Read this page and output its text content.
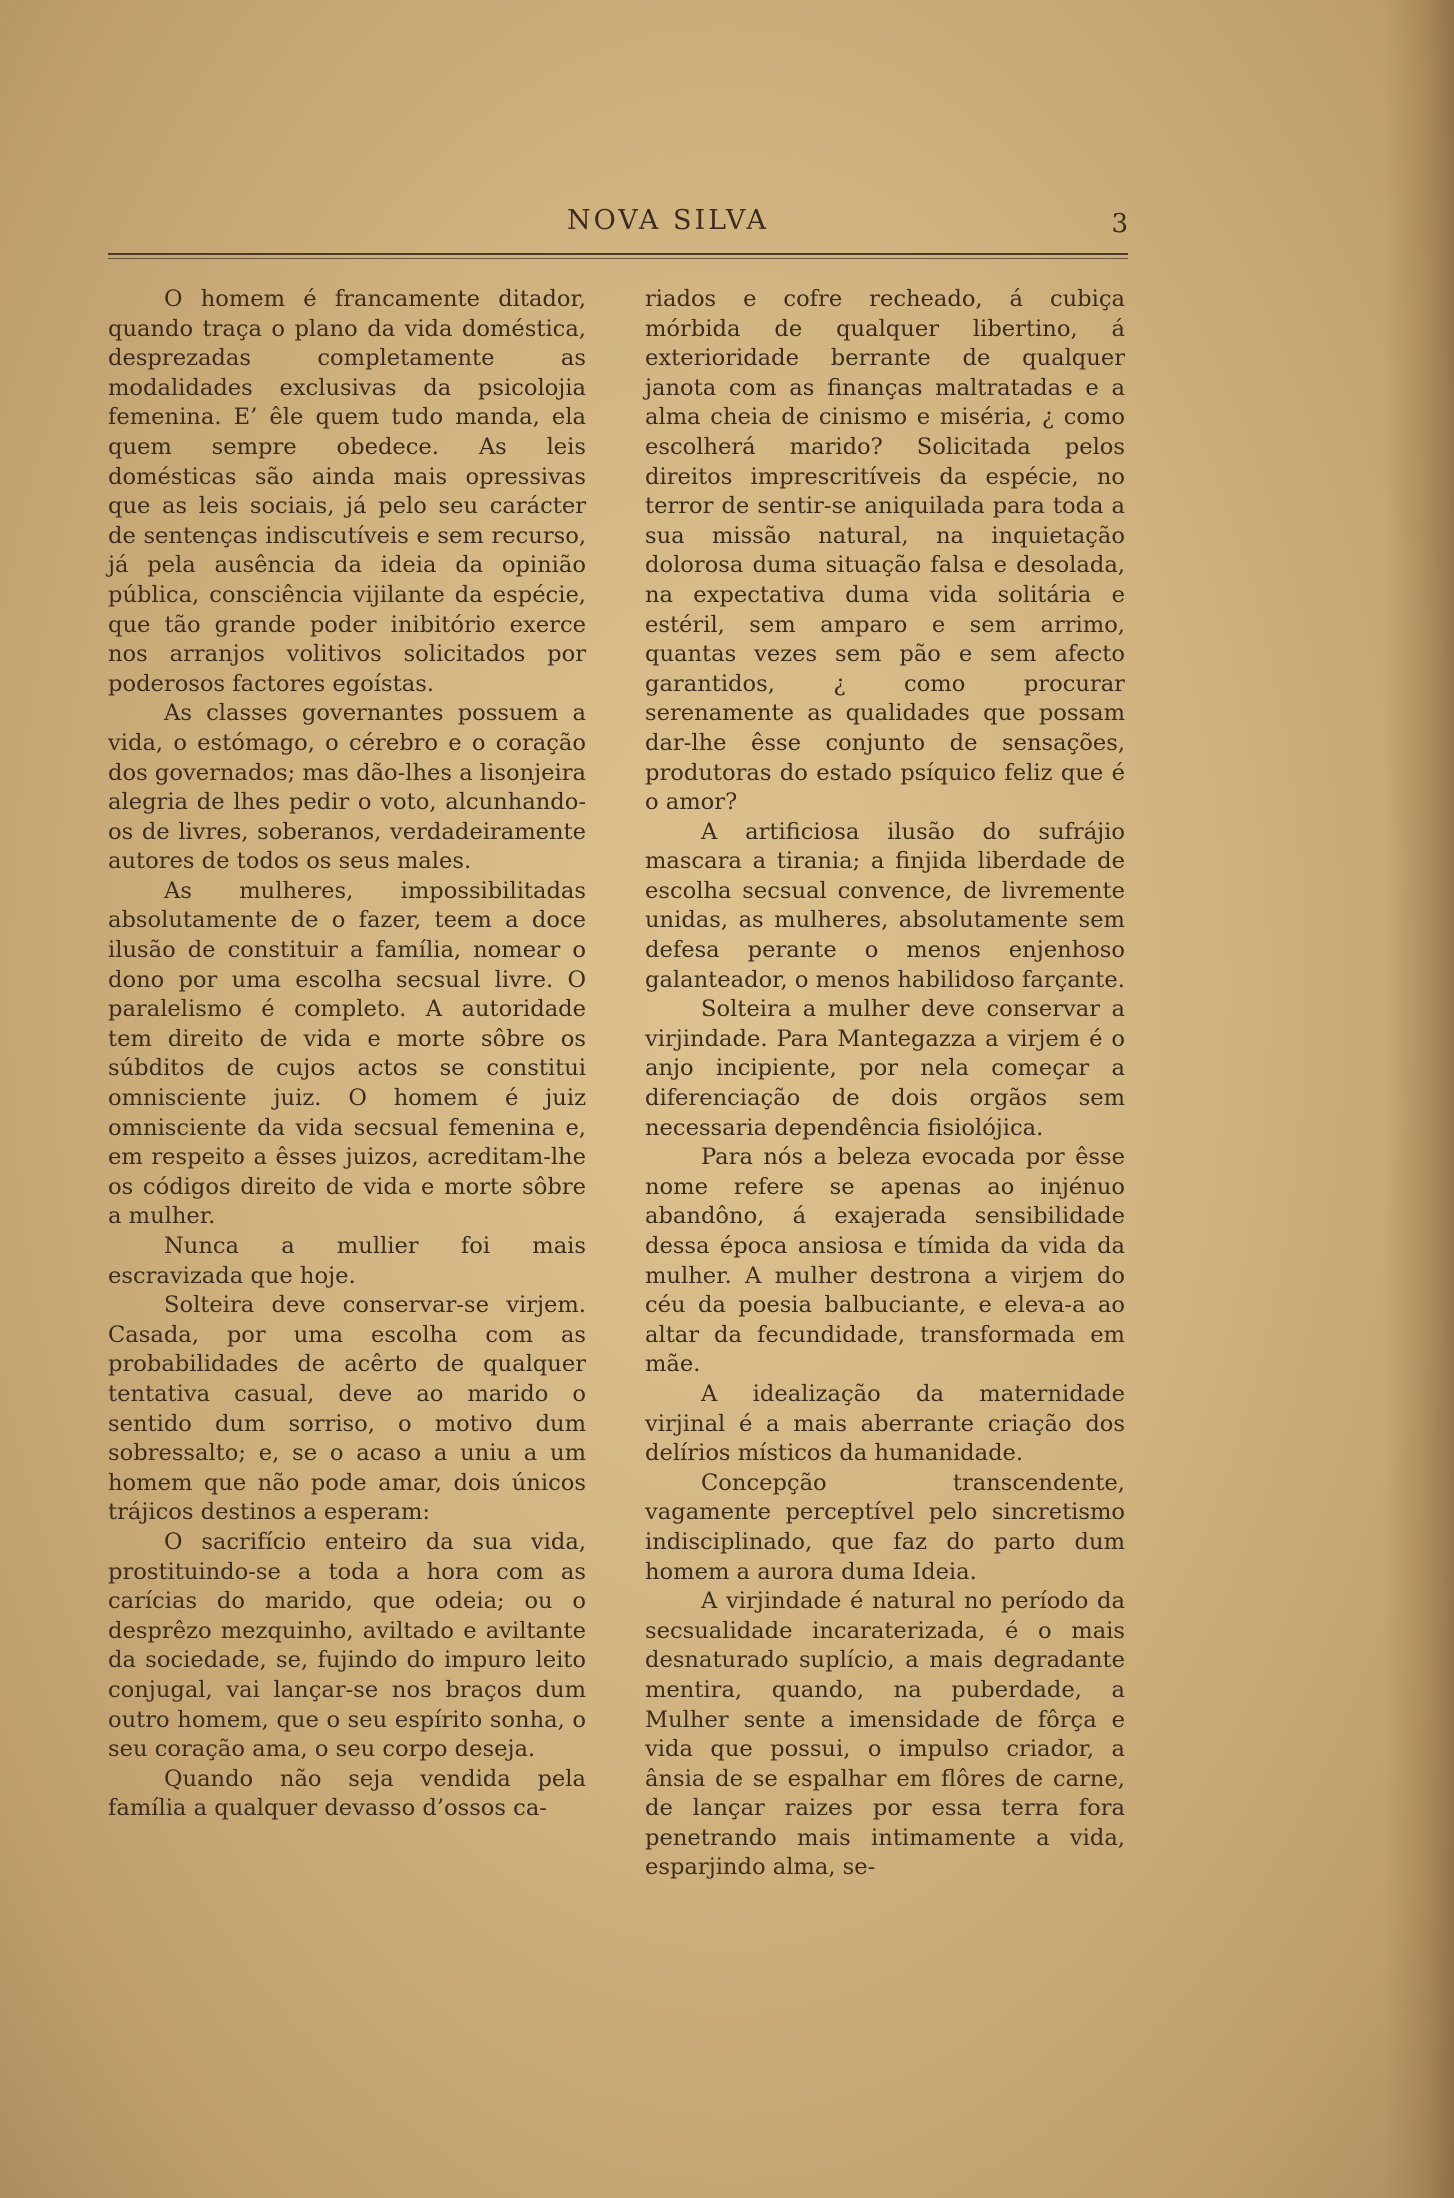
NOVA SILVA	3

O homem é francamente ditador, quando traça o plano da vida doméstica, desprezadas completamente as modalidades exclusivas da psicolojia femenina. E’ êle quem tudo manda, ela quem sempre obedece. As leis domésticas são ainda mais opressivas que as leis sociais, já pelo seu carácter de sentenças indiscutíveis e sem recurso, já pela ausência da ideia da opinião pública, consciência vijilante da espécie, que tão grande poder inibitório exerce nos arranjos volitivos solicitados por poderosos factores egoístas.

As classes governantes possuem a vida, o estómago, o cérebro e o coração dos governados; mas dão-lhes a lisonjeira alegria de lhes pedir o voto, alcunhando-os de livres, soberanos, verdadeiramente autores de todos os seus males.

As mulheres, impossibilitadas absolutamente de o fazer, teem a doce ilusão de constituir a família, nomear o dono por uma escolha secsual livre. O paralelismo é completo. A autoridade tem direito de vida e morte sôbre os súbditos de cujos actos se constitui omnisciente juiz. O homem é juiz omnisciente da vida secsual femenina e, em respeito a êsses juizos, acreditam-lhe os códigos direito de vida e morte sôbre a mulher.

Nunca a mullier foi mais escravizada que hoje.

Solteira deve conservar-se virjem. Casada, por uma escolha com as probabilidades de acêrto de qualquer tentativa casual, deve ao marido o sentido dum sorriso, o motivo dum sobressalto; e, se o acaso a uniu a um homem que não pode amar, dois únicos trájicos destinos a esperam:

O sacrifício enteiro da sua vida, prostituindo-se a toda a hora com as carícias do marido, que odeia; ou o desprêzo mezquinho, aviltado e aviltante da sociedade, se, fujindo do impuro leito conjugal, vai lançar-se nos braços dum outro homem, que o seu espírito sonha, o seu coração ama, o seu corpo deseja.

Quando não seja vendida pela família a qualquer devasso d’ossos ca-

riados e cofre recheado, á cubiça mórbida de qualquer libertino, á exterioridade berrante de qualquer janota com as finanças maltratadas e a alma cheia de cinismo e miséria, ¿ como escolherá marido? Solicitada pelos direitos imprescritíveis da espécie, no terror de sentir-se aniquilada para toda a sua missão natural, na inquietação dolorosa duma situação falsa e desolada, na expectativa duma vida solitária e estéril, sem amparo e sem arrimo, quantas vezes sem pão e sem afecto garantidos, ¿ como procurar serenamente as qualidades que possam dar-lhe êsse conjunto de sensações, produtoras do estado psíquico feliz que é o amor?

A artificiosa ilusão do sufrájio mascara a tirania; a finjida liberdade de escolha secsual convence, de livremente unidas, as mulheres, absolutamente sem defesa perante o menos enjenhoso galanteador, o menos habilidoso farçante.

Solteira a mulher deve conservar a virjindade. Para Mantegazza a virjem é o anjo incipiente, por nela começar a diferenciação de dois orgãos sem necessaria dependência fisiolójica.

Para nós a beleza evocada por êsse nome refere se apenas ao injénuo abandôno, á exajerada sensibilidade dessa época ansiosa e tímida da vida da mulher. A mulher destrona a virjem do céu da poesia balbuciante, e eleva-a ao altar da fecundidade, transformada em mãe.

A idealização da maternidade virjinal é a mais aberrante criação dos delírios místicos da humanidade.

Concepção transcendente, vagamente perceptível pelo sincretismo indisciplinado, que faz do parto dum homem a aurora duma Ideia.

A virjindade é natural no período da secsualidade incaraterizada, é o mais desnaturado suplício, a mais degradante mentira, quando, na puberdade, a Mulher sente a imensidade de fôrça e vida que possui, o impulso criador, a ânsia de se espalhar em flôres de carne, de lançar raizes por essa terra fora penetrando mais intimamente a vida, esparjindo alma, se-
